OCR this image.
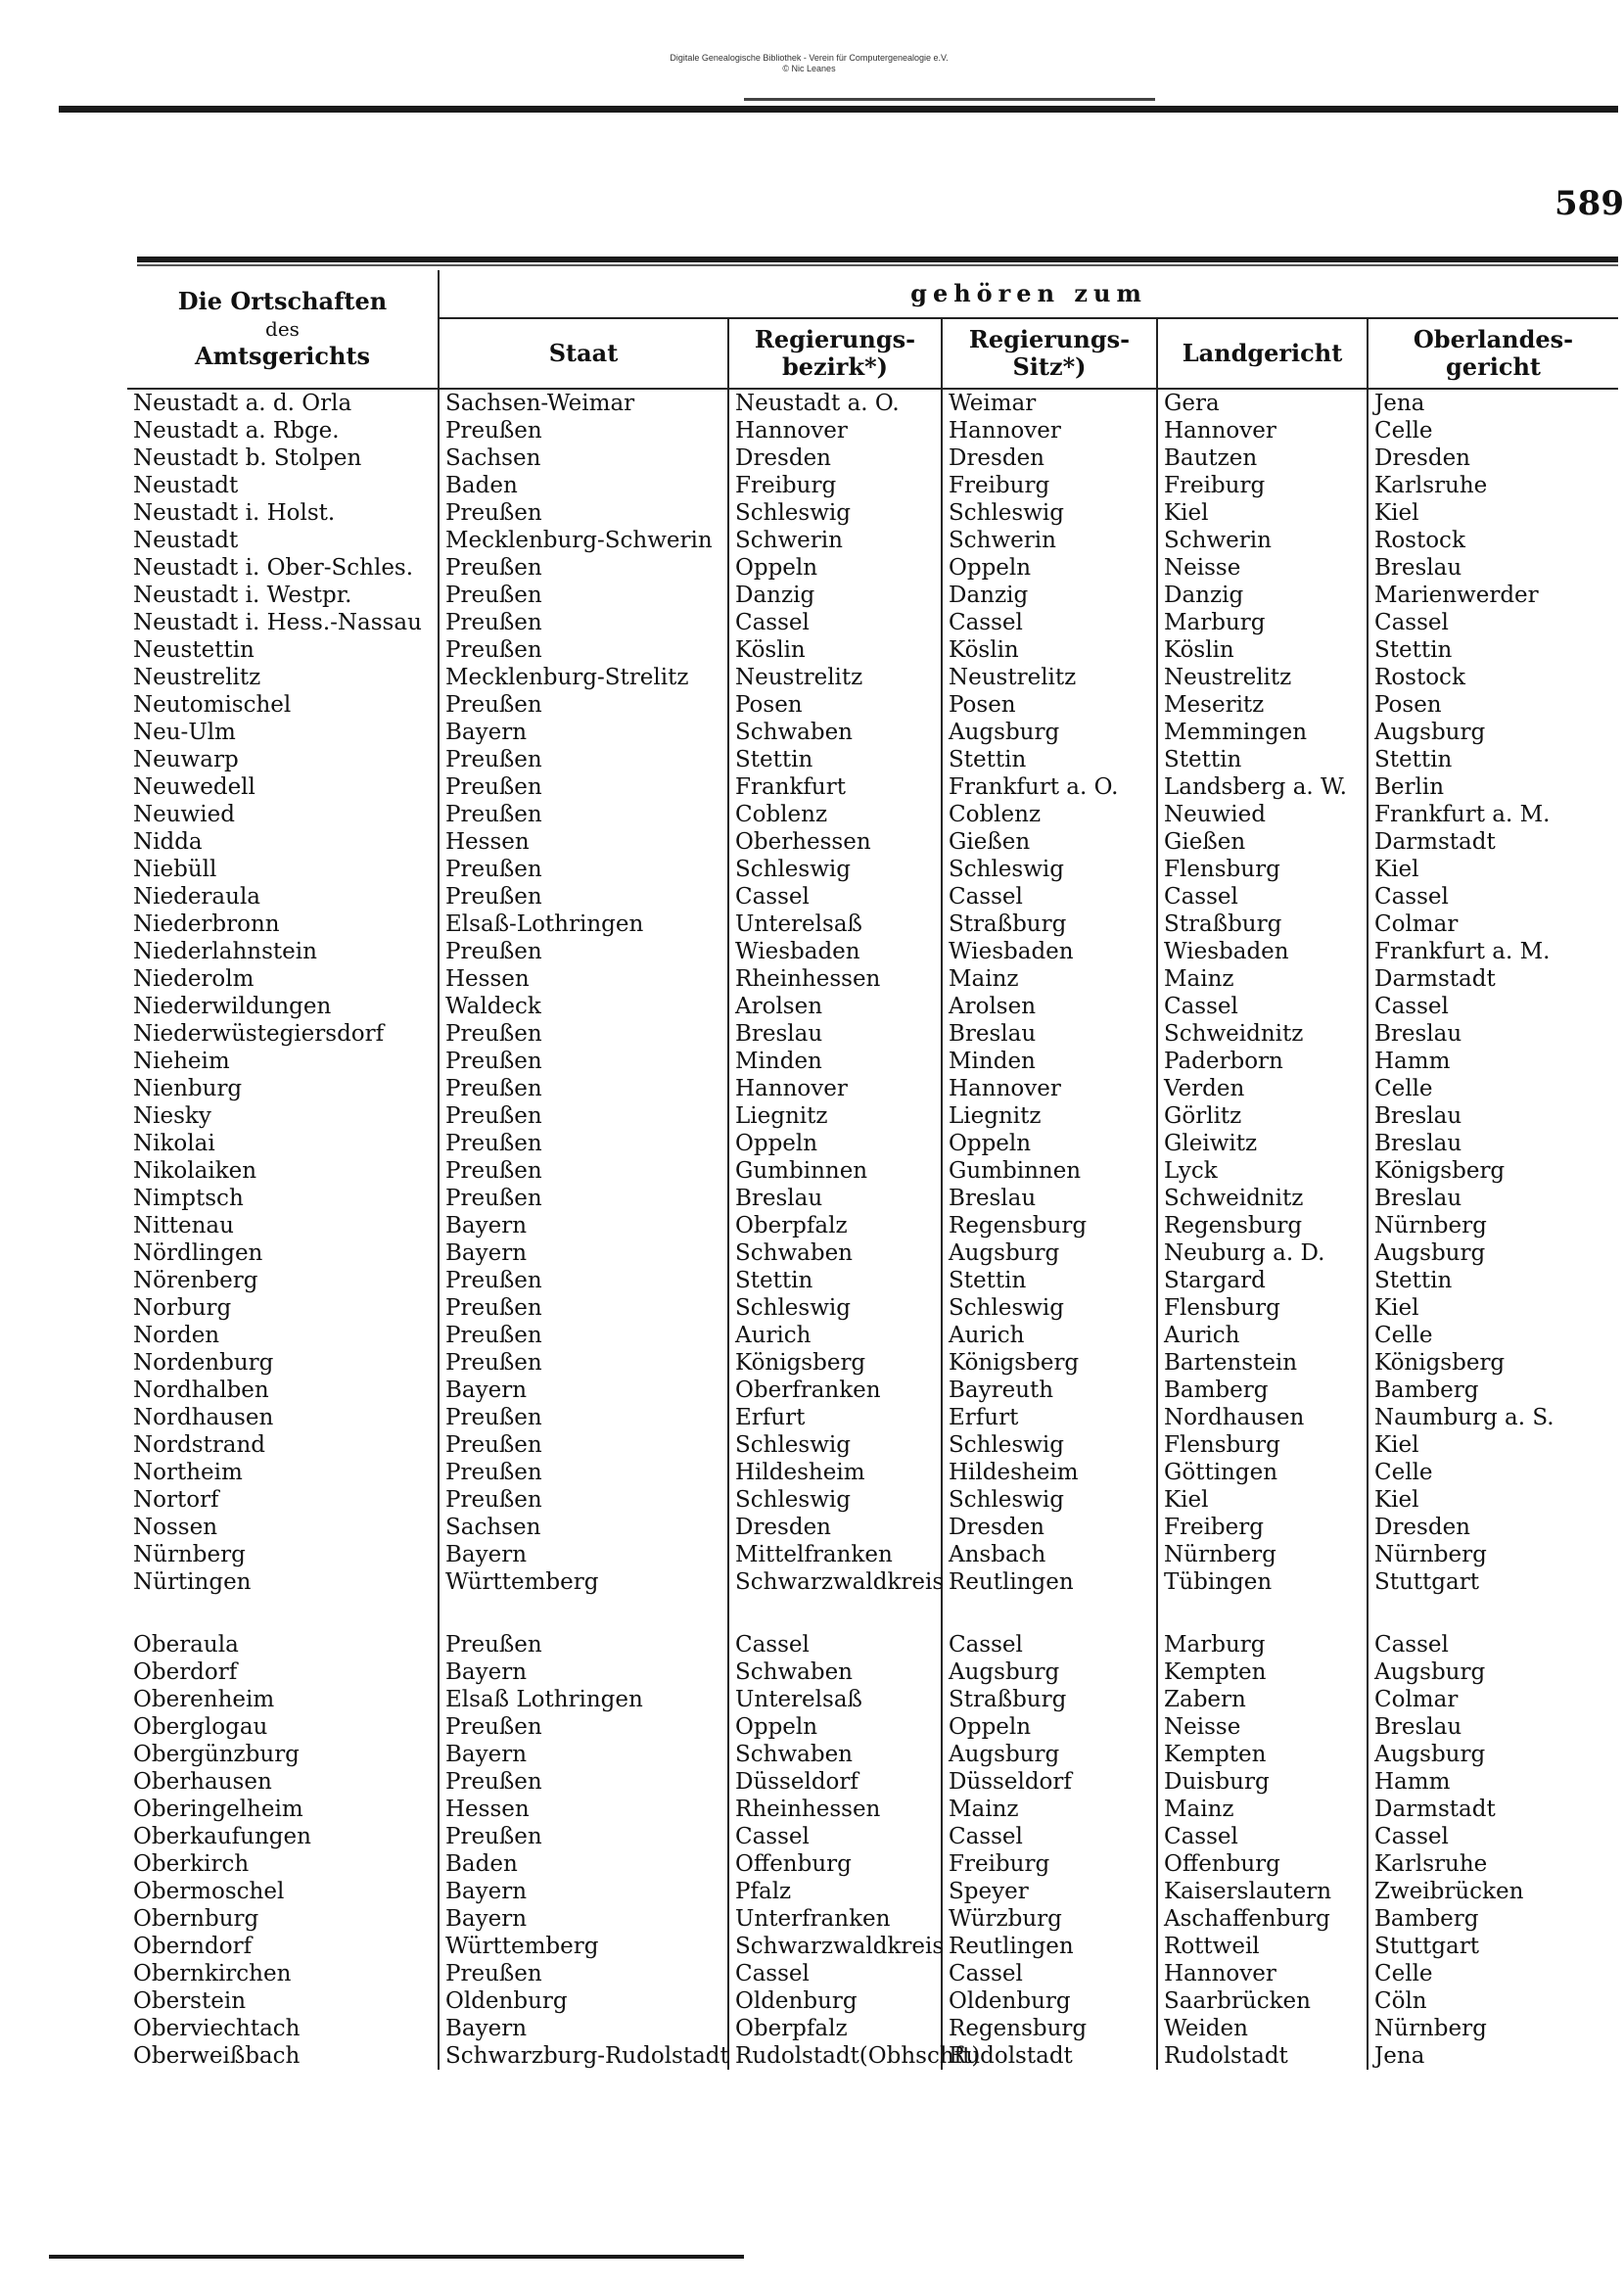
Digitale Genealogische Bibliothek - Verein für Computergenealogie e.V.
© Nic Leanes
589
Die Ortschaften
des
Amtsgerichts	gehören zum				
	Staat	Regierungs-bezirk*)	Regierungs-Sitz*)	Landgericht	Oberlandes-gericht
Neustadt a. d. Orla	Sachsen-Weimar	Neustadt a. O.	Weimar	Gera	Jena
Neustadt a. Rbge.	Preußen	Hannover	Hannover	Hannover	Celle
Neustadt b. Stolpen	Sachsen	Dresden	Dresden	Bautzen	Dresden
Neustadt	Baden	Freiburg	Freiburg	Freiburg	Karlsruhe
Neustadt i. Holst.	Preußen	Schleswig	Schleswig	Kiel	Kiel
Neustadt	Mecklenburg-Schwerin	Schwerin	Schwerin	Schwerin	Rostock
Neustadt i. Ober-Schles.	Preußen	Oppeln	Oppeln	Neisse	Breslau
Neustadt i. Westpr.	Preußen	Danzig	Danzig	Danzig	Marienwerder
Neustadt i. Hess.-Nassau	Preußen	Cassel	Cassel	Marburg	Cassel
Neustettin	Preußen	Köslin	Köslin	Köslin	Stettin
Neustrelitz	Mecklenburg-Strelitz	Neustrelitz	Neustrelitz	Neustrelitz	Rostock
Neutomischel	Preußen	Posen	Posen	Meseritz	Posen
Neu-Ulm	Bayern	Schwaben	Augsburg	Memmingen	Augsburg
Neuwarp	Preußen	Stettin	Stettin	Stettin	Stettin
Neuwedell	Preußen	Frankfurt	Frankfurt a. O.	Landsberg a. W.	Berlin
Neuwied	Preußen	Coblenz	Coblenz	Neuwied	Frankfurt a. M.
Nidda	Hessen	Oberhessen	Gießen	Gießen	Darmstadt
Niebüll	Preußen	Schleswig	Schleswig	Flensburg	Kiel
Niederaula	Preußen	Cassel	Cassel	Cassel	Cassel
Niederbronn	Elsaß-Lothringen	Unterelsaß	Straßburg	Straßburg	Colmar
Niederlahnstein	Preußen	Wiesbaden	Wiesbaden	Wiesbaden	Frankfurt a. M.
Niederolm	Hessen	Rheinhessen	Mainz	Mainz	Darmstadt
Niederwildungen	Waldeck	Arolsen	Arolsen	Cassel	Cassel
Niederwüstegiersdorf	Preußen	Breslau	Breslau	Schweidnitz	Breslau
Nieheim	Preußen	Minden	Minden	Paderborn	Hamm
Nienburg	Preußen	Hannover	Hannover	Verden	Celle
Niesky	Preußen	Liegnitz	Liegnitz	Görlitz	Breslau
Nikolai	Preußen	Oppeln	Oppeln	Gleiwitz	Breslau
Nikolaiken	Preußen	Gumbinnen	Gumbinnen	Lyck	Königsberg
Nimptsch	Preußen	Breslau	Breslau	Schweidnitz	Breslau
Nittenau	Bayern	Oberpfalz	Regensburg	Regensburg	Nürnberg
Nördlingen	Bayern	Schwaben	Augsburg	Neuburg a. D.	Augsburg
Nörenberg	Preußen	Stettin	Stettin	Stargard	Stettin
Norburg	Preußen	Schleswig	Schleswig	Flensburg	Kiel
Norden	Preußen	Aurich	Aurich	Aurich	Celle
Nordenburg	Preußen	Königsberg	Königsberg	Bartenstein	Königsberg
Nordhalben	Bayern	Oberfranken	Bayreuth	Bamberg	Bamberg
Nordhausen	Preußen	Erfurt	Erfurt	Nordhausen	Naumburg a. S.
Nordstrand	Preußen	Schleswig	Schleswig	Flensburg	Kiel
Northeim	Preußen	Hildesheim	Hildesheim	Göttingen	Celle
Nortorf	Preußen	Schleswig	Schleswig	Kiel	Kiel
Nossen	Sachsen	Dresden	Dresden	Freiberg	Dresden
Nürnberg	Bayern	Mittelfranken	Ansbach	Nürnberg	Nürnberg
Nürtingen	Württemberg	Schwarzwaldkreis	Reutlingen	Tübingen	Stuttgart

Oberaula	Preußen	Cassel	Cassel	Marburg	Cassel
Oberdorf	Bayern	Schwaben	Augsburg	Kempten	Augsburg
Oberenheim	Elsaß Lothringen	Unterelsaß	Straßburg	Zabern	Colmar
Oberglogau	Preußen	Oppeln	Oppeln	Neisse	Breslau
Obergünzburg	Bayern	Schwaben	Augsburg	Kempten	Augsburg
Oberhausen	Preußen	Düsseldorf	Düsseldorf	Duisburg	Hamm
Oberingelheim	Hessen	Rheinhessen	Mainz	Mainz	Darmstadt
Oberkaufungen	Preußen	Cassel	Cassel	Cassel	Cassel
Oberkirch	Baden	Offenburg	Freiburg	Offenburg	Karlsruhe
Obermoschel	Bayern	Pfalz	Speyer	Kaiserslautern	Zweibrücken
Obernburg	Bayern	Unterfranken	Würzburg	Aschaffenburg	Bamberg
Oberndorf	Württemberg	Schwarzwaldkreis	Reutlingen	Rottweil	Stuttgart
Obernkirchen	Preußen	Cassel	Cassel	Hannover	Celle
Oberstein	Oldenburg	Oldenburg	Oldenburg	Saarbrücken	Cöln
Oberviechtach	Bayern	Oberpfalz	Regensburg	Weiden	Nürnberg
Oberweißbach	Schwarzburg-Rudolstadt	Rudolstadt(Obhschft)	Rudolstadt	Rudolstadt	Jena
